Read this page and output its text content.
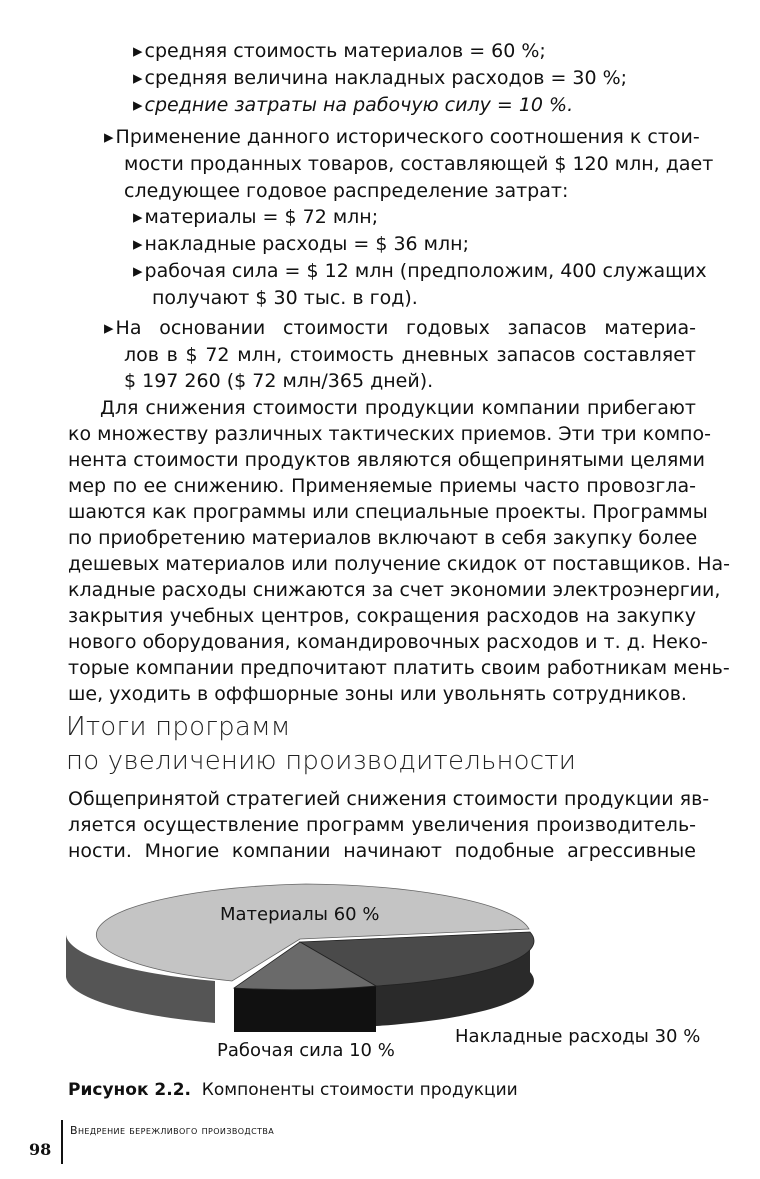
▸ средняя стоимость материалов = 60 %;
▸ средняя величина накладных расходов = 30 %;
▸ средние затраты на рабочую силу = 10 %.
▸ Применение данного исторического соотношения к стои-
мости проданных товаров, составляющей $ 120 млн, дает
следующее годовое распределение затрат:
▸ материалы = $ 72 млн;
▸ накладные расходы = $ 36 млн;
▸ рабочая сила = $ 12 млн (предположим, 400 служащих
получают $ 30 тыс. в год).
▸ На основании стоимости годовых запасов материа-
лов в $ 72 млн, стоимость дневных запасов составляет
$ 197 260 ($ 72 млн/365 дней).
Для снижения стоимости продукции компании прибегают
ко множеству различных тактических приемов. Эти три компо-
нента стоимости продуктов являются общепринятыми целями
мер по ее снижению. Применяемые приемы часто провозгла-
шаются как программы или специальные проекты. Программы
по приобретению материалов включают в себя закупку более
дешевых материалов или получение скидок от поставщиков. На-
кладные расходы снижаются за счет экономии электроэнергии,
закрытия учебных центров, сокращения расходов на закупку
нового оборудования, командировочных расходов и т. д. Неко-
торые компании предпочитают платить своим работникам мень-
ше, уходить в оффшорные зоны или увольнять сотрудников.
Итоги программ
по увеличению производительности
Общепринятой стратегией снижения стоимости продукции яв-
ляется осуществление программ увеличения производитель-
ности. Многие компании начинают подобные агрессивные
Материалы 60 %
Накладные расходы 30 %
Рабочая сила 10 %
Рисунок 2.2. Компоненты стоимости продукции
98
Внедрение бережливого производства
